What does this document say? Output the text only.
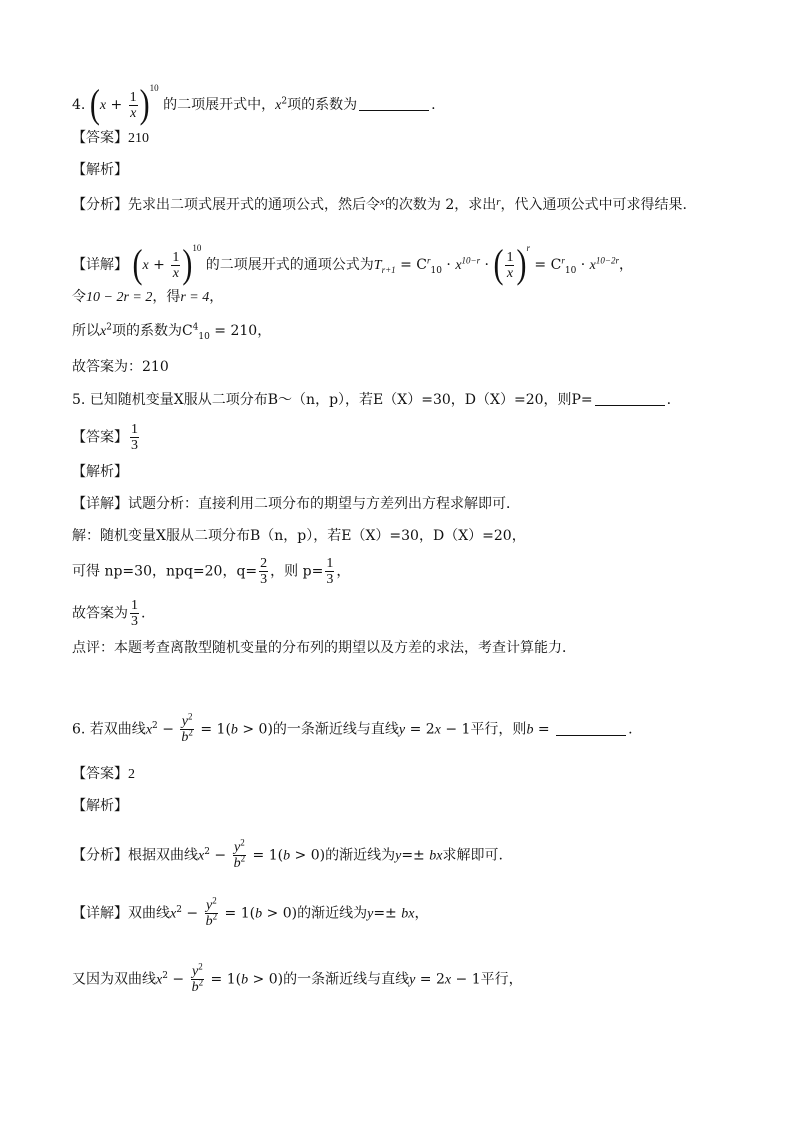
4. $(x + \frac{1}{x} )^{10}$ 的二项展开式中，$x^2$项的系数为	.
【答案】210
【解析】
【分析】先求出二项式展开式的通项公式，然后令$^x$的次数为 2，求出$^r$，代入通项公式中可求得结果.
【详解】 $(x + \frac{1}{x} )^{10}$ 的二项展开式的通项公式为$T_{r+1} = C^r_{10} \cdot x^{10-r}$ · ( $\frac{1}{x} )^r = C^r_{10} \cdot x^{10-2r}$，
令10 − 2r = 2，得r = 4，
所以$x^2$项的系数为$C^4_{10} = 210$，
故答案为：210
5. 已知随机变量X服从二项分布B～（n，p），若E（X）=30，D（X）=20，则P=	.
【答案】 $\frac{1}{3}$
【解析】
【详解】试题分析：直接利用二项分布的期望与方差列出方程求解即可．
解：随机变量X服从二项分布B（n，p），若E（X）=30，D（X）=20，
可得 np=30，npq=20，$q= \frac{2}{3}$ ，则 $p= \frac{1}{3}$ ，
故答案为 $\frac{1}{3}$ .
点评：本题考查离散型随机变量的分布列的期望以及方差的求法，考查计算能力．
6. 若双曲线$x^2 - \frac{y^2}{b^2} = 1(b > 0)$的一条渐近线与直线y = 2x − 1平行，则b =	.
【答案】2
【解析】
【分析】根据双曲线$x^2 - \frac{y^2}{b^2} = 1(b > 0)$的渐近线为y=± bx求解即可.
【详解】双曲线$x^2 - \frac{y^2}{b^2} = 1(b > 0)$的渐近线为y=± bx，
又因为双曲线$x^2 - \frac{y^2}{b^2} = 1(b > 0)$的一条渐近线与直线y = 2x − 1平行，
